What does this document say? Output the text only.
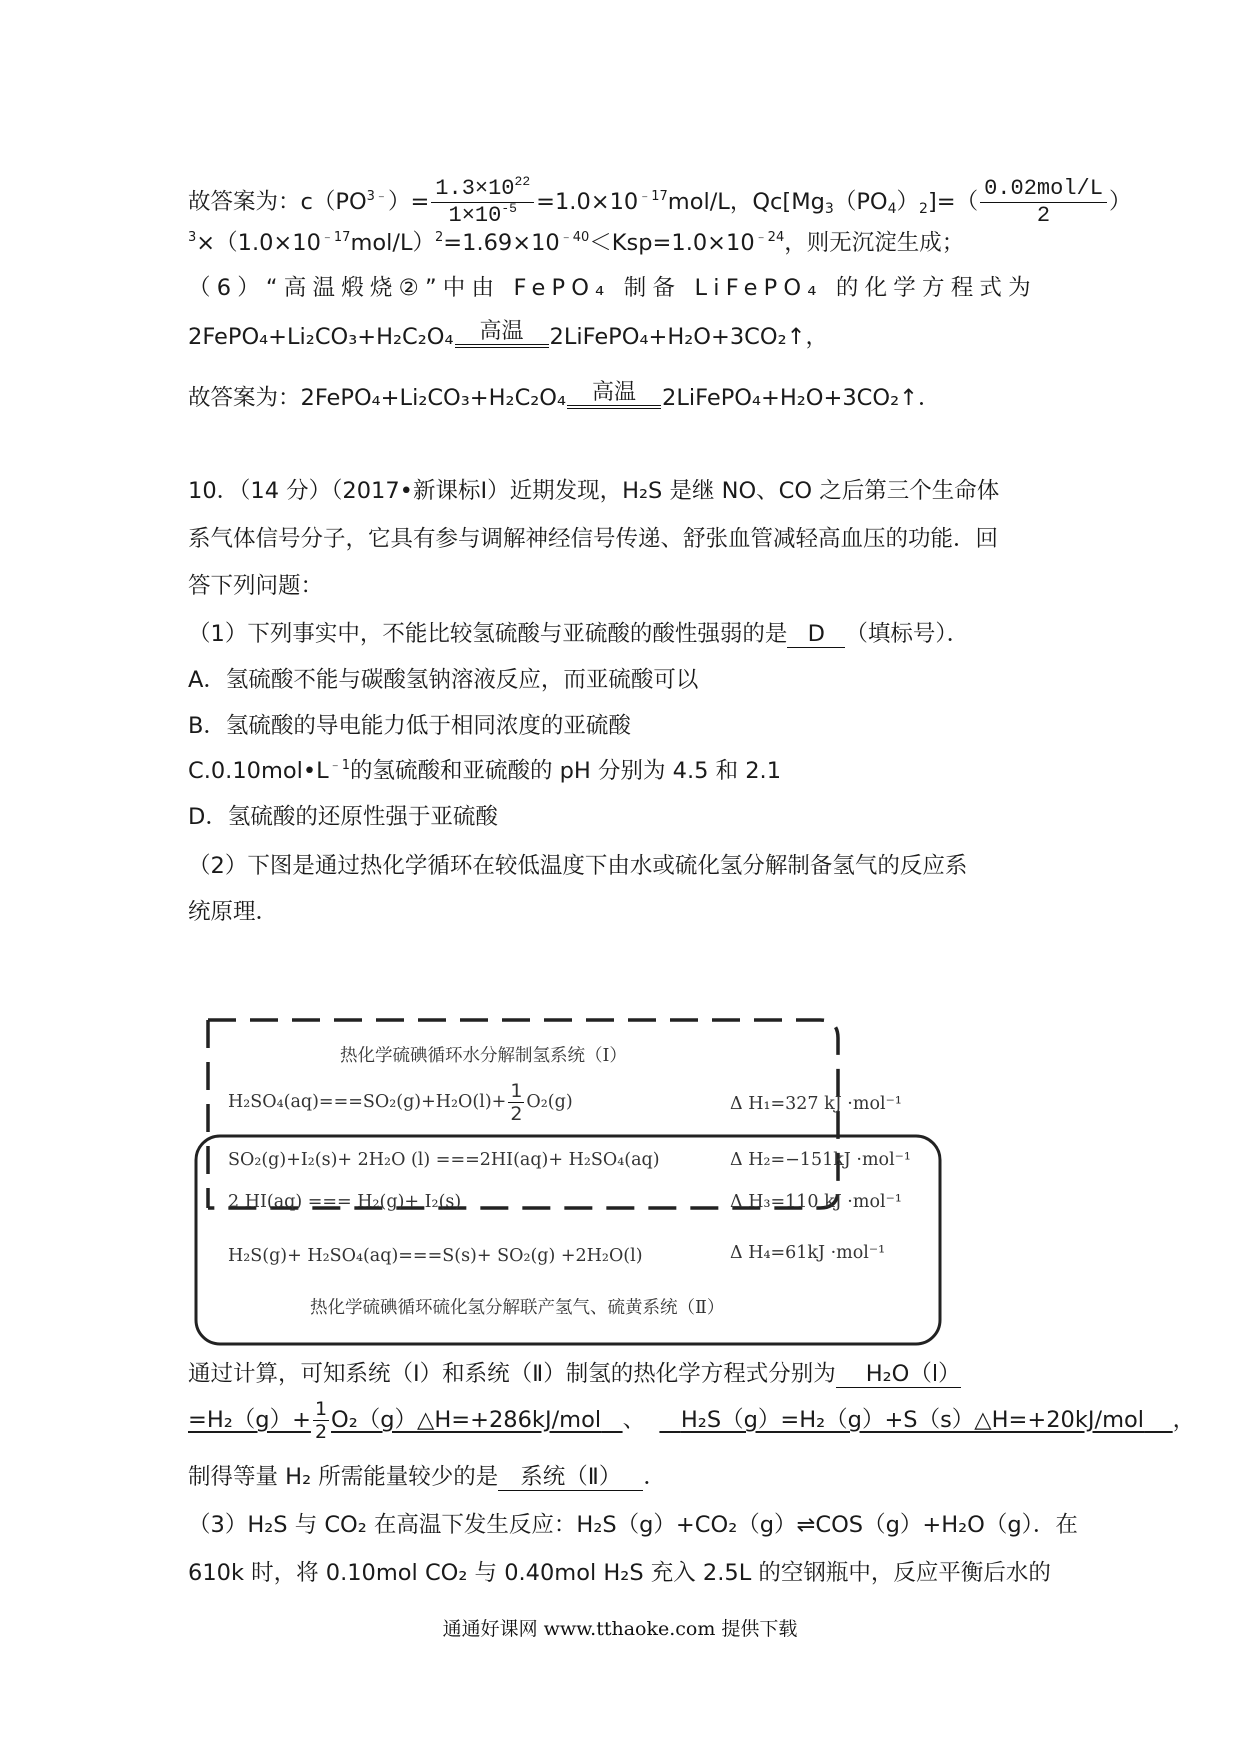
故答案为：$c(PO^{3﹣})= \frac{1.3\times 10^{22}}{1\times 10^{-5}} =1.0\times 10^{﹣17}mol/L$，$Qc[Mg_3(PO_4)_2]=( \frac{\text{0.02mol/L}}{2}$ ）
$^3\times(1.0\times 10^{﹣17}mol/L)^2=1.69\times 10^{﹣40}<Ksp=1.0\times 10^{﹣24}$，则无沉淀生成；
（6）“高温煅烧②”中由 FePO₄ 制备 LiFePO₄ 的化学方程式为
2FePO₄+Li₂CO₃+H₂C₂O₄ 高温 2LiFePO₄+H₂O+3CO₂↑，
故答案为：2FePO₄+Li₂CO₃+H₂C₂O₄ 高温 2LiFePO₄+H₂O+3CO₂↑．
10．（14 分）（2017•新课标Ⅰ）近期发现，H₂S 是继 NO、CO 之后第三个生命体
系气体信号分子，它具有参与调解神经信号传递、舒张血管减轻高血压的功能．回
答下列问题：
（1）下列事实中，不能比较氢硫酸与亚硫酸的酸性强弱的是 D （填标号）．
A．氢硫酸不能与碳酸氢钠溶液反应，而亚硫酸可以
B．氢硫酸的导电能力低于相同浓度的亚硫酸
$C.0.10mol•L^{﹣1}$的氢硫酸和亚硫酸的 pH 分别为 4.5 和 2.1
D．氢硫酸的还原性强于亚硫酸
（2）下图是通过热化学循环在较低温度下由水或硫化氢分解制备氢气的反应系
统原理．
热化学硫碘循环水分解制氢系统（Ⅰ）
$H_2SO_4(aq)===SO_2(g)+H_2O(l)+ \frac{1}{2} O_2(g)$	Δ H₁=327 kJ ·mol⁻¹
SO₂(g)+I₂(s)+ 2H₂O (l) ===2HI(aq)+ H₂SO₄(aq)	Δ H₂=−151kJ ·mol⁻¹
2 HI(aq) === H₂(g)+ I₂(s)	Δ H₃=110 kJ ·mol⁻¹
H₂S(g)+ H₂SO₄(aq)===S(s)+ SO₂(g) +2H₂O(l)	Δ H₄=61kJ ·mol⁻¹
热化学硫碘循环硫化氢分解联产氢气、硫黄系统（Ⅱ）
通过计算，可知系统（Ⅰ）和系统（Ⅱ）制氢的热化学方程式分别为 H₂O（l）
$=H_2(g)+ \frac{1}{2}$ O₂（g）△H=+286kJ/mol 、 H₂S（g）=H₂（g）+S（s）△H=+20kJ/mol ，
制得等量 H₂ 所需能量较少的是 系统（Ⅱ） ．
（3）H₂S 与 CO₂ 在高温下发生反应：H₂S（g）+CO₂（g）⇌COS（g）+H₂O（g）．在
610k 时，将 0.10mol CO₂ 与 0.40mol H₂S 充入 2.5L 的空钢瓶中，反应平衡后水的
通通好课网 www.tthaoke.com 提供下载
